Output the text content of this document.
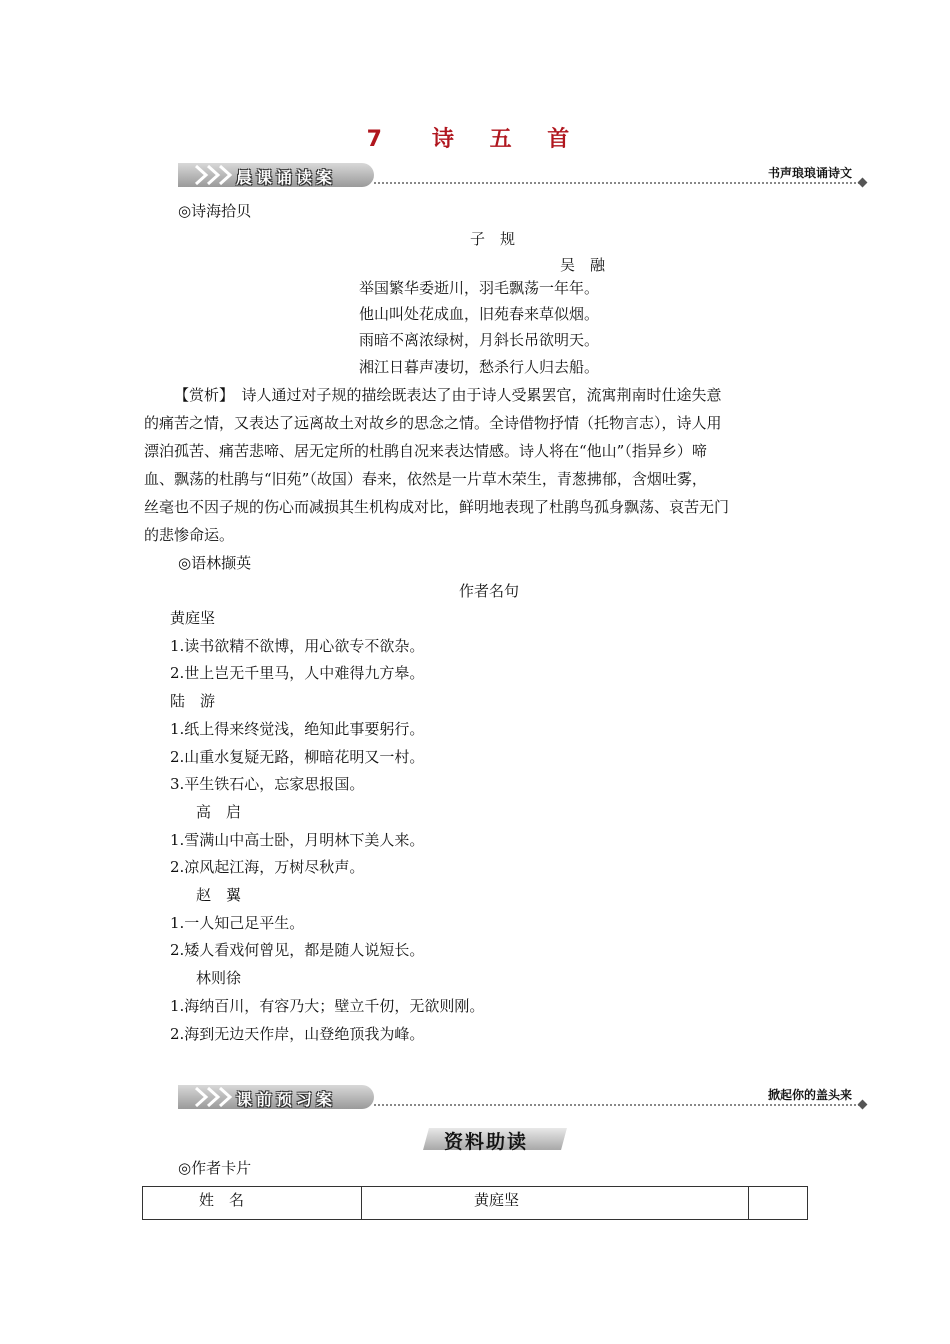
7　诗 五 首
晨课诵读案	书声琅琅诵诗文
◎诗海拾贝
子　规
吴　融
举国繁华委逝川，羽毛飘荡一年年。
他山叫处花成血，旧苑春来草似烟。
雨暗不离浓绿树，月斜长吊欲明天。
湘江日暮声凄切，愁杀行人归去船。
【赏析】　诗人通过对子规的描绘既表达了由于诗人受累罢官，流寓荆南时仕途失意
的痛苦之情，又表达了远离故土对故乡的思念之情。全诗借物抒情（托物言志），诗人用
漂泊孤苦、痛苦悲啼、居无定所的杜鹃自况来表达情感。诗人将在“他山”（指异乡）啼
血、飘荡的杜鹃与“旧苑”（故国）春来，依然是一片草木荣生，青葱拂郁，含烟吐雾，
丝毫也不因子规的伤心而减损其生机构成对比，鲜明地表现了杜鹃鸟孤身飘荡、哀苦无门
的悲惨命运。
◎语林撷英
作者名句
黄庭坚
1.读书欲精不欲博，用心欲专不欲杂。
2.世上岂无千里马，人中难得九方皋。
陆　游
1.纸上得来终觉浅，绝知此事要躬行。
2.山重水复疑无路，柳暗花明又一村。
3.平生铁石心，忘家思报国。
高　启
1.雪满山中高士卧，月明林下美人来。
2.凉风起江海，万树尽秋声。
赵　翼
1.一人知己足平生。
2.矮人看戏何曾见，都是随人说短长。
林则徐
1.海纳百川，有容乃大；壁立千仞，无欲则刚。
2.海到无边天作岸，山登绝顶我为峰。
课前预习案	掀起你的盖头来
资料助读
◎作者卡片
姓　名	黄庭坚	
